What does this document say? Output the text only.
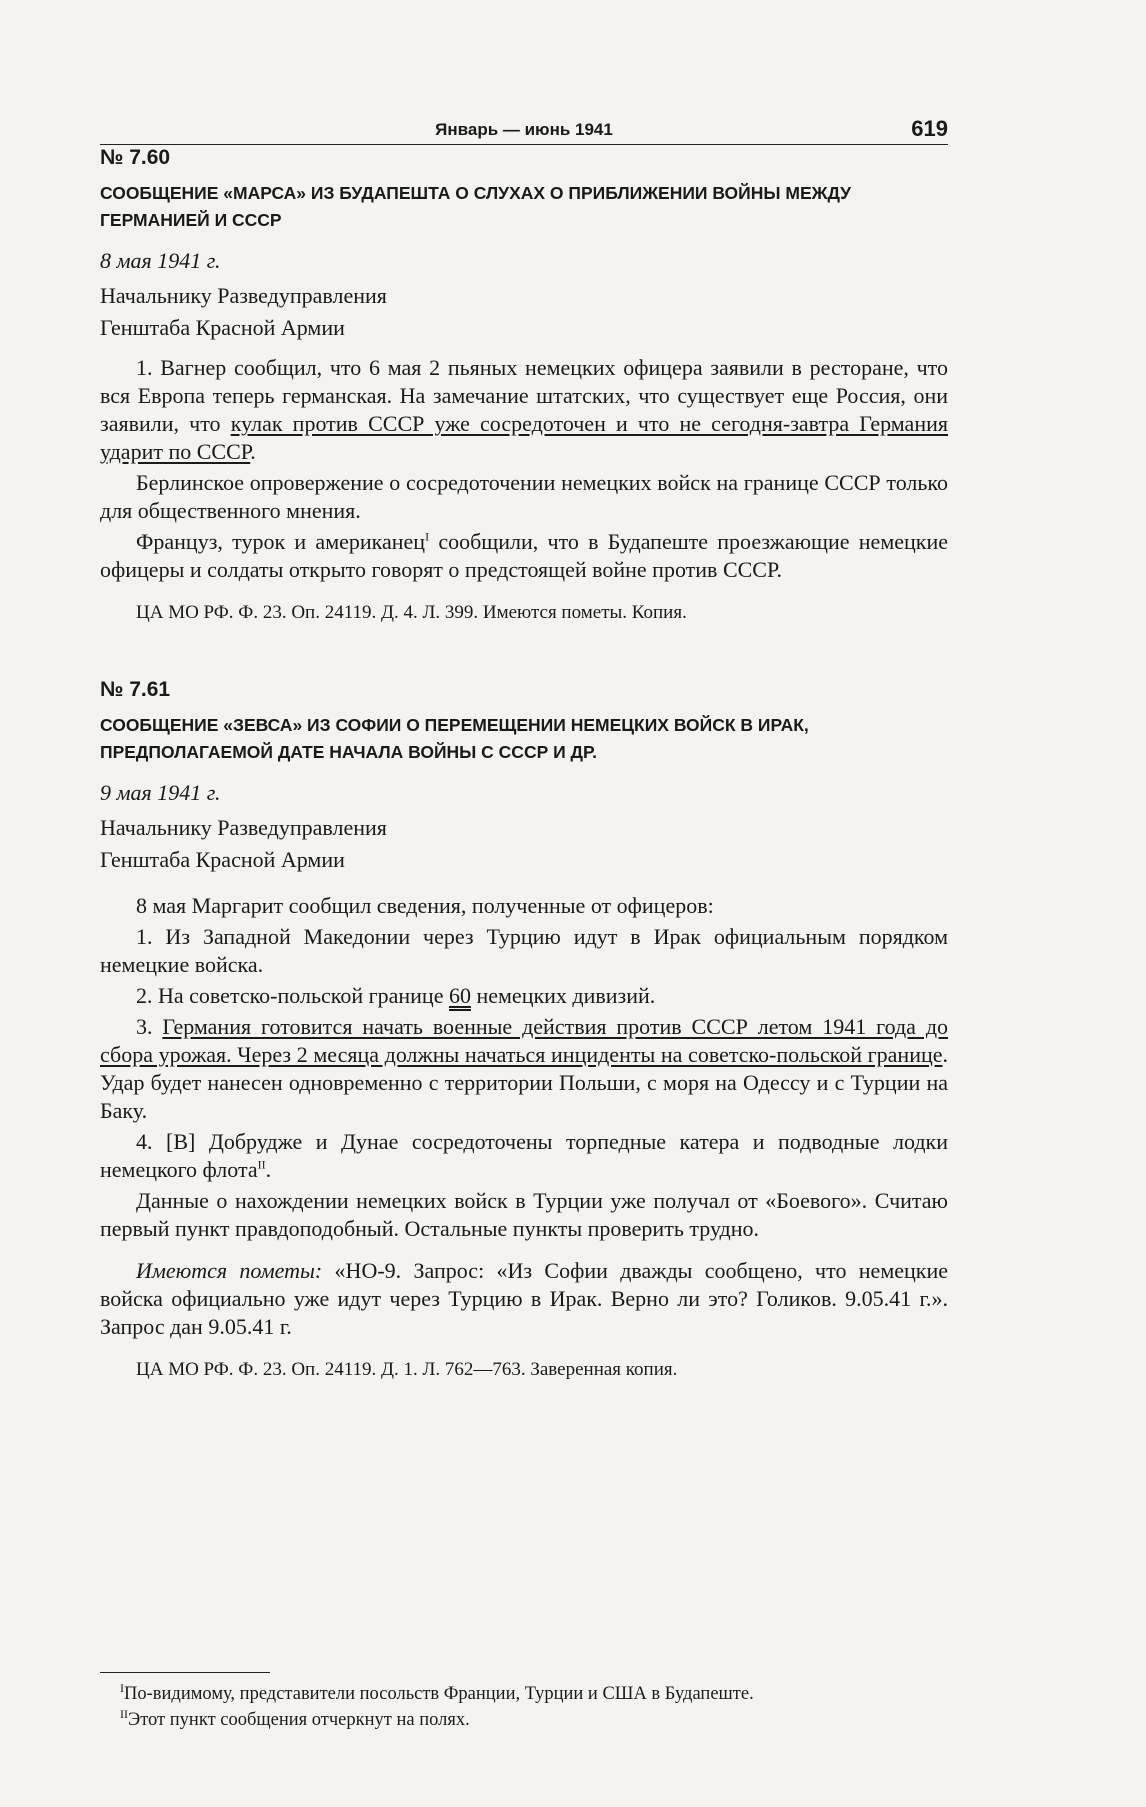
Январь — июнь 1941	619
№ 7.60
СООБЩЕНИЕ «МАРСА» ИЗ БУДАПЕШТА О СЛУХАХ О ПРИБЛИЖЕНИИ ВОЙНЫ МЕЖДУ ГЕРМАНИЕЙ И СССР
8 мая 1941 г.
Начальнику Разведуправления
Генштаба Красной Армии

1. Вагнер сообщил, что 6 мая 2 пьяных немецких офицера заявили в ресторане, что вся Европа теперь германская. На замечание штатских, что существует еще Россия, они заявили, что кулак против СССР уже сосредоточен и что не сегодня-завтра Германия ударит по СССР.

Берлинское опровержение о сосредоточении немецких войск на границе СССР только для общественного мнения.

Француз, турок и американец$^I$ сообщили, что в Будапеште проезжающие немецкие офицеры и солдаты открыто говорят о предстоящей войне против СССР.

ЦА МО РФ. Ф. 23. Оп. 24119. Д. 4. Л. 399. Имеются пометы. Копия.
№ 7.61
СООБЩЕНИЕ «ЗЕВСА» ИЗ СОФИИ О ПЕРЕМЕЩЕНИИ НЕМЕЦКИХ ВОЙСК В ИРАК, ПРЕДПОЛАГАЕМОЙ ДАТЕ НАЧАЛА ВОЙНЫ С СССР И ДР.
9 мая 1941 г.
Начальнику Разведуправления
Генштаба Красной Армии

8 мая Маргарит сообщил сведения, полученные от офицеров:

1. Из Западной Македонии через Турцию идут в Ирак официальным порядком немецкие войска.

2. На советско-польской границе 60 немецких дивизий.

3. Германия готовится начать военные действия против СССР летом 1941 года до сбора урожая. Через 2 месяца должны начаться инциденты на советско-польской границе. Удар будет нанесен одновременно с территории Польши, с моря на Одессу и с Турции на Баку.

4. [В] Добрудже и Дунае сосредоточены торпедные катера и подводные лодки немецкого флота$^{II}$.

Данные о нахождении немецких войск в Турции уже получал от «Боевого». Считаю первый пункт правдоподобный. Остальные пункты проверить трудно.

Имеются пометы: «НО-9. Запрос: «Из Софии дважды сообщено, что немецкие войска официально уже идут через Турцию в Ирак. Верно ли это? Голиков. 9.05.41 г.». Запрос дан 9.05.41 г.

ЦА МО РФ. Ф. 23. Оп. 24119. Д. 1. Л. 762—763. Заверенная копия.
$^I$По-видимому, представители посольств Франции, Турции и США в Будапеште.
$^{II}$Этот пункт сообщения отчеркнут на полях.
